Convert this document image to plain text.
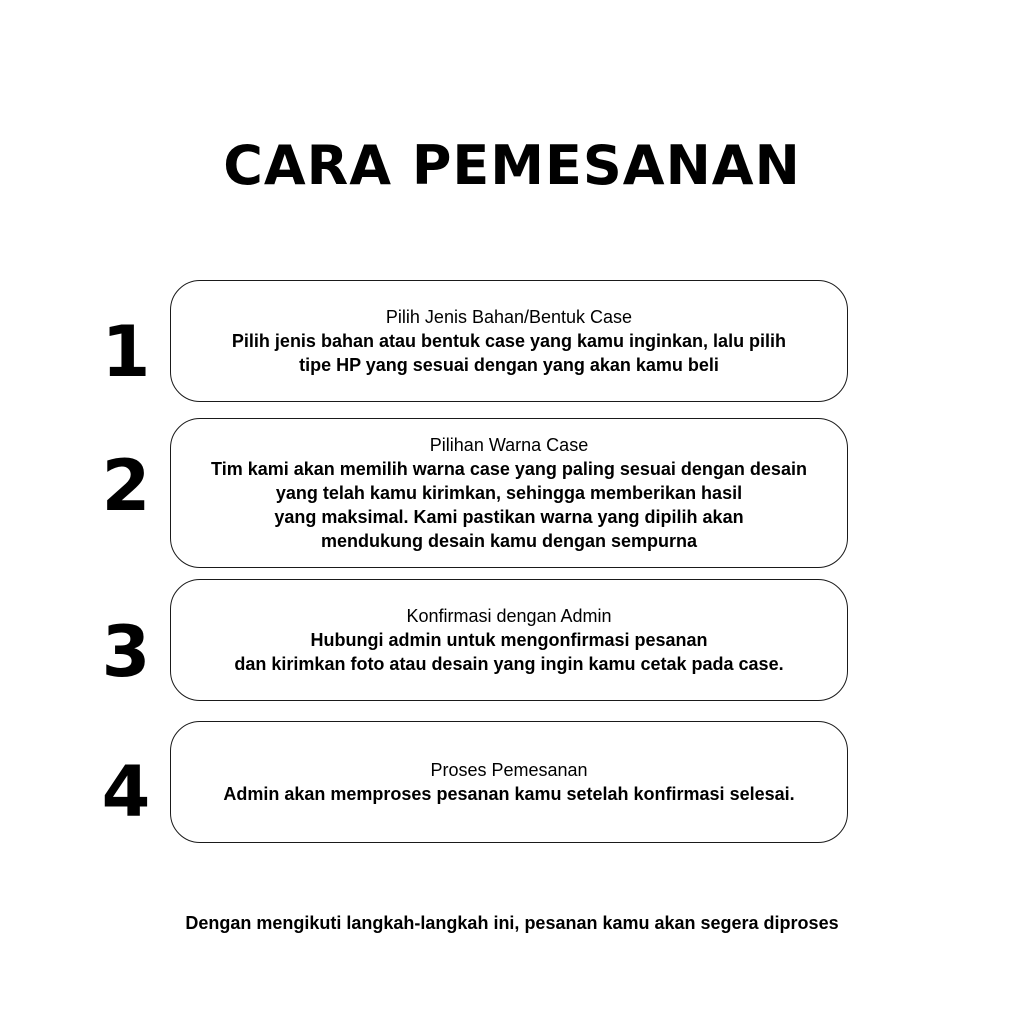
CARA PEMESANAN
1	Pilih Jenis Bahan/Bentuk Case
Pilih jenis bahan atau bentuk case yang kamu inginkan, lalu pilih
tipe HP yang sesuai dengan yang akan kamu beli
2	Pilihan Warna Case
Tim kami akan memilih warna case yang paling sesuai dengan desain
yang telah kamu kirimkan, sehingga memberikan hasil
yang maksimal. Kami pastikan warna yang dipilih akan
mendukung desain kamu dengan sempurna
3	Konfirmasi dengan Admin
Hubungi admin untuk mengonfirmasi pesanan
dan kirimkan foto atau desain yang ingin kamu cetak pada case.
4	Proses Pemesanan
Admin akan memproses pesanan kamu setelah konfirmasi selesai.
Dengan mengikuti langkah-langkah ini, pesanan kamu akan segera diproses
